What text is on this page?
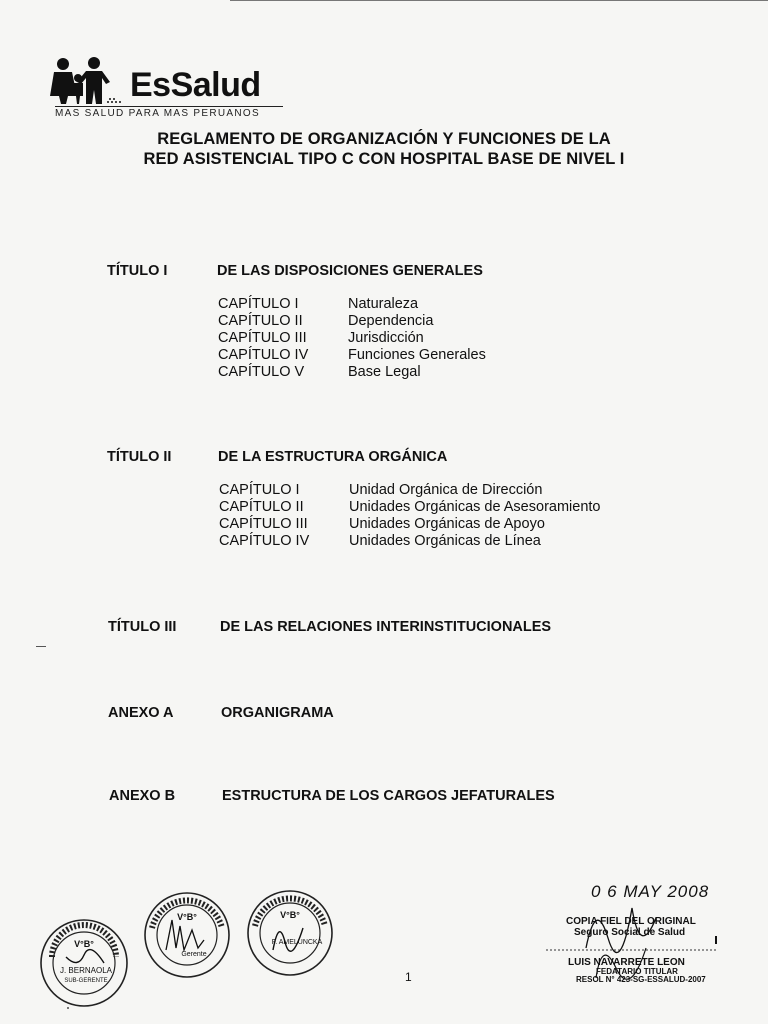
EsSalud
MAS SALUD PARA MAS PERUANOS
REGLAMENTO DE ORGANIZACIÓN Y FUNCIONES DE LA
RED ASISTENCIAL TIPO C CON HOSPITAL BASE DE NIVEL I
TÍTULO I	DE LAS DISPOSICIONES GENERALES
CAPÍTULO I	Naturaleza
CAPÍTULO II	Dependencia
CAPÍTULO III	Jurisdicción
CAPÍTULO IV	Funciones Generales
CAPÍTULO V	Base Legal
TÍTULO II	DE LA ESTRUCTURA ORGÁNICA
CAPÍTULO I	Unidad Orgánica de Dirección
CAPÍTULO II	Unidades Orgánicas de Asesoramiento
CAPÍTULO III	Unidades Orgánicas de Apoyo
CAPÍTULO IV	Unidades Orgánicas de Línea
TÍTULO III	DE LAS RELACIONES INTERINSTITUCIONALES
ANEXO A	ORGANIGRAMA
ANEXO B	ESTRUCTURA DE LOS CARGOS JEFATURALES
V°B°
J. BERNAOLA
SUB-GERENTE
V°B°
Gerente
V°B°
F. AMELUNCKA
1
0 6 MAY 2008
COPIA FIEL DEL ORIGINAL
Seguro Social de Salud
LUIS NAVARRETE LEON
FEDATARIO TITULAR
RESOL N° 423-SG-ESSALUD-2007
